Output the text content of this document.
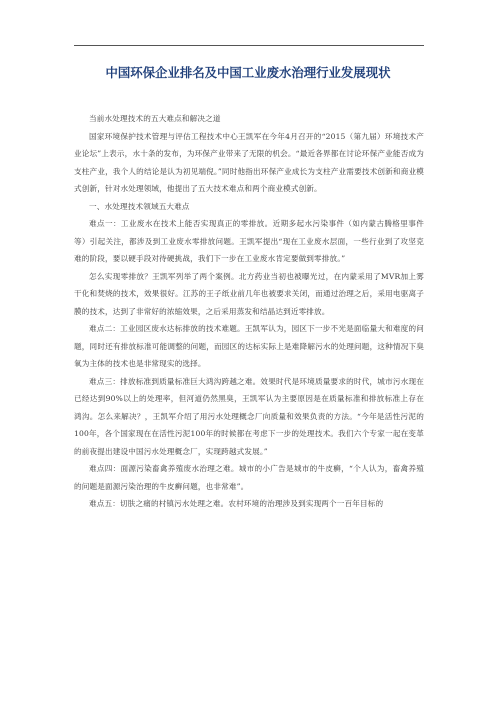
中国环保企业排名及中国工业废水治理行业发展现状

当前水处理技术的五大难点和解决之道

国家环境保护技术管理与评估工程技术中心王凯军在今年4月召开的“2015（第九届）环境技术产业论坛”上表示，水十条的发布，为环保产业带来了无限的机会。“最近各界都在讨论环保产业能否成为支柱产业，我个人的结论是认为初见端倪。”同时他指出环保产业成长为支柱产业需要技术创新和商业模式创新，针对水处理领域，他提出了五大技术难点和两个商业模式创新。

一、水处理技术领域五大难点

难点一：工业废水在技术上能否实现真正的零排放。近期多起水污染事件（如内蒙古腾格里事件等）引起关注，都涉及到工业废水零排放问题。王凯军提出“现在工业废水层面，一些行业到了攻坚克难的阶段，要以硬手段对待硬挑战，我们下一步在工业废水肯定要做到零排放。”

怎么实现零排放？王凯军列举了两个案例。北方药业当初也被曝光过，在内蒙采用了MVR加上雾干化和焚烧的技术，效果很好。江苏的王子纸业前几年也被要求关闭，而通过治理之后，采用电驱离子膜的技术，达到了非常好的浓缩效果，之后采用蒸发和结晶达到近零排放。

难点二：工业园区废水达标排放的技术难题。王凯军认为，园区下一步不光是面临量大和难度的问题，同时还有排放标准可能调整的问题，而园区的达标实际上是难降解污水的处理问题，这种情况下臭氧为主体的技术也是非常现实的选择。

难点三：排放标准到质量标准巨大鸿沟跨越之难。效果时代是环境质量要求的时代，城市污水现在已经达到90%以上的处理率，但河道仍然黑臭，王凯军认为主要原因是在质量标准和排放标准上存在鸿沟。怎么来解决？，王凯军介绍了用污水处理概念厂向质量和效果负责的方法。“今年是活性污泥的100年，各个国家现在在活性污泥100年的时候都在考虑下一步的处理技术。我们六个专家一起在变革的前夜提出建设中国污水处理概念厂，实现跨越式发展。”

难点四：面源污染畜禽养殖废水治理之难。城市的小广告是城市的牛皮癣，“个人认为，畜禽养殖的问题是面源污染治理的牛皮癣问题，也非常难”。

难点五：切肤之痛的村镇污水处理之难。农村环境的治理涉及到实现两个一百年目标的
